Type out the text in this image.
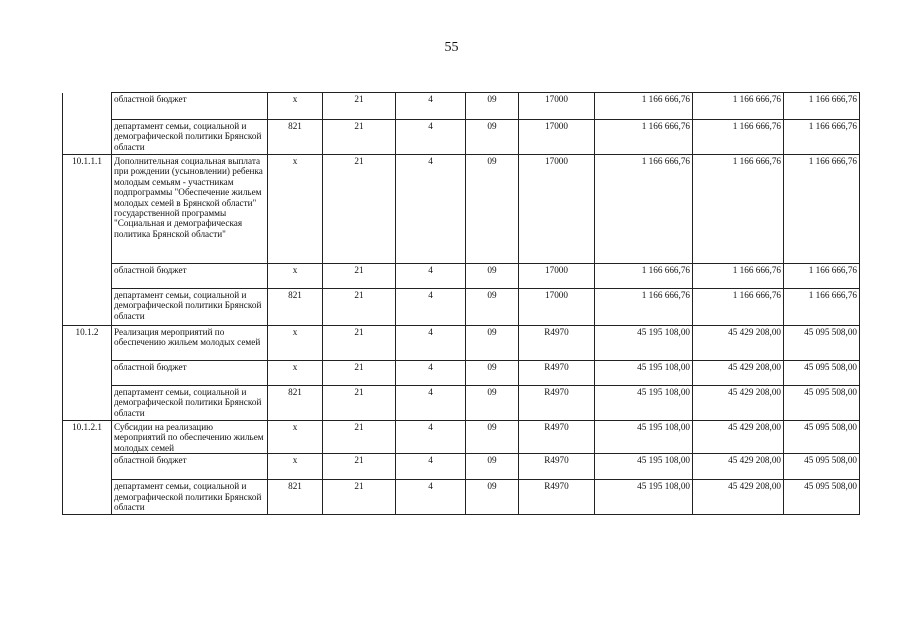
55
	областной бюджет	х	21	4	09	17000	1 166 666,76	1 166 666,76	1 166 666,76
	департамент семьи, социальной и демографической политики Брянской области	821	21	4	09	17000	1 166 666,76	1 166 666,76	1 166 666,76
10.1.1.1	Дополнительная социальная выплата при рождении (усыновлении) ребенка молодым семьям - участникам подпрограммы "Обеспечение жильем молодых семей в Брянской области" государственной программы "Социальная и демографическая политика Брянской области"	х	21	4	09	17000	1 166 666,76	1 166 666,76	1 166 666,76
	областной бюджет	х	21	4	09	17000	1 166 666,76	1 166 666,76	1 166 666,76
	департамент семьи, социальной и демографической политики Брянской области	821	21	4	09	17000	1 166 666,76	1 166 666,76	1 166 666,76
10.1.2	Реализация мероприятий по обеспечению жильем молодых семей	х	21	4	09	R4970	45 195 108,00	45 429 208,00	45 095 508,00
	областной бюджет	х	21	4	09	R4970	45 195 108,00	45 429 208,00	45 095 508,00
	департамент семьи, социальной и демографической политики Брянской области	821	21	4	09	R4970	45 195 108,00	45 429 208,00	45 095 508,00
10.1.2.1	Субсидии на реализацию мероприятий по обеспечению жильем молодых семей	х	21	4	09	R4970	45 195 108,00	45 429 208,00	45 095 508,00
	областной бюджет	х	21	4	09	R4970	45 195 108,00	45 429 208,00	45 095 508,00
	департамент семьи, социальной и демографической политики Брянской области	821	21	4	09	R4970	45 195 108,00	45 429 208,00	45 095 508,00
